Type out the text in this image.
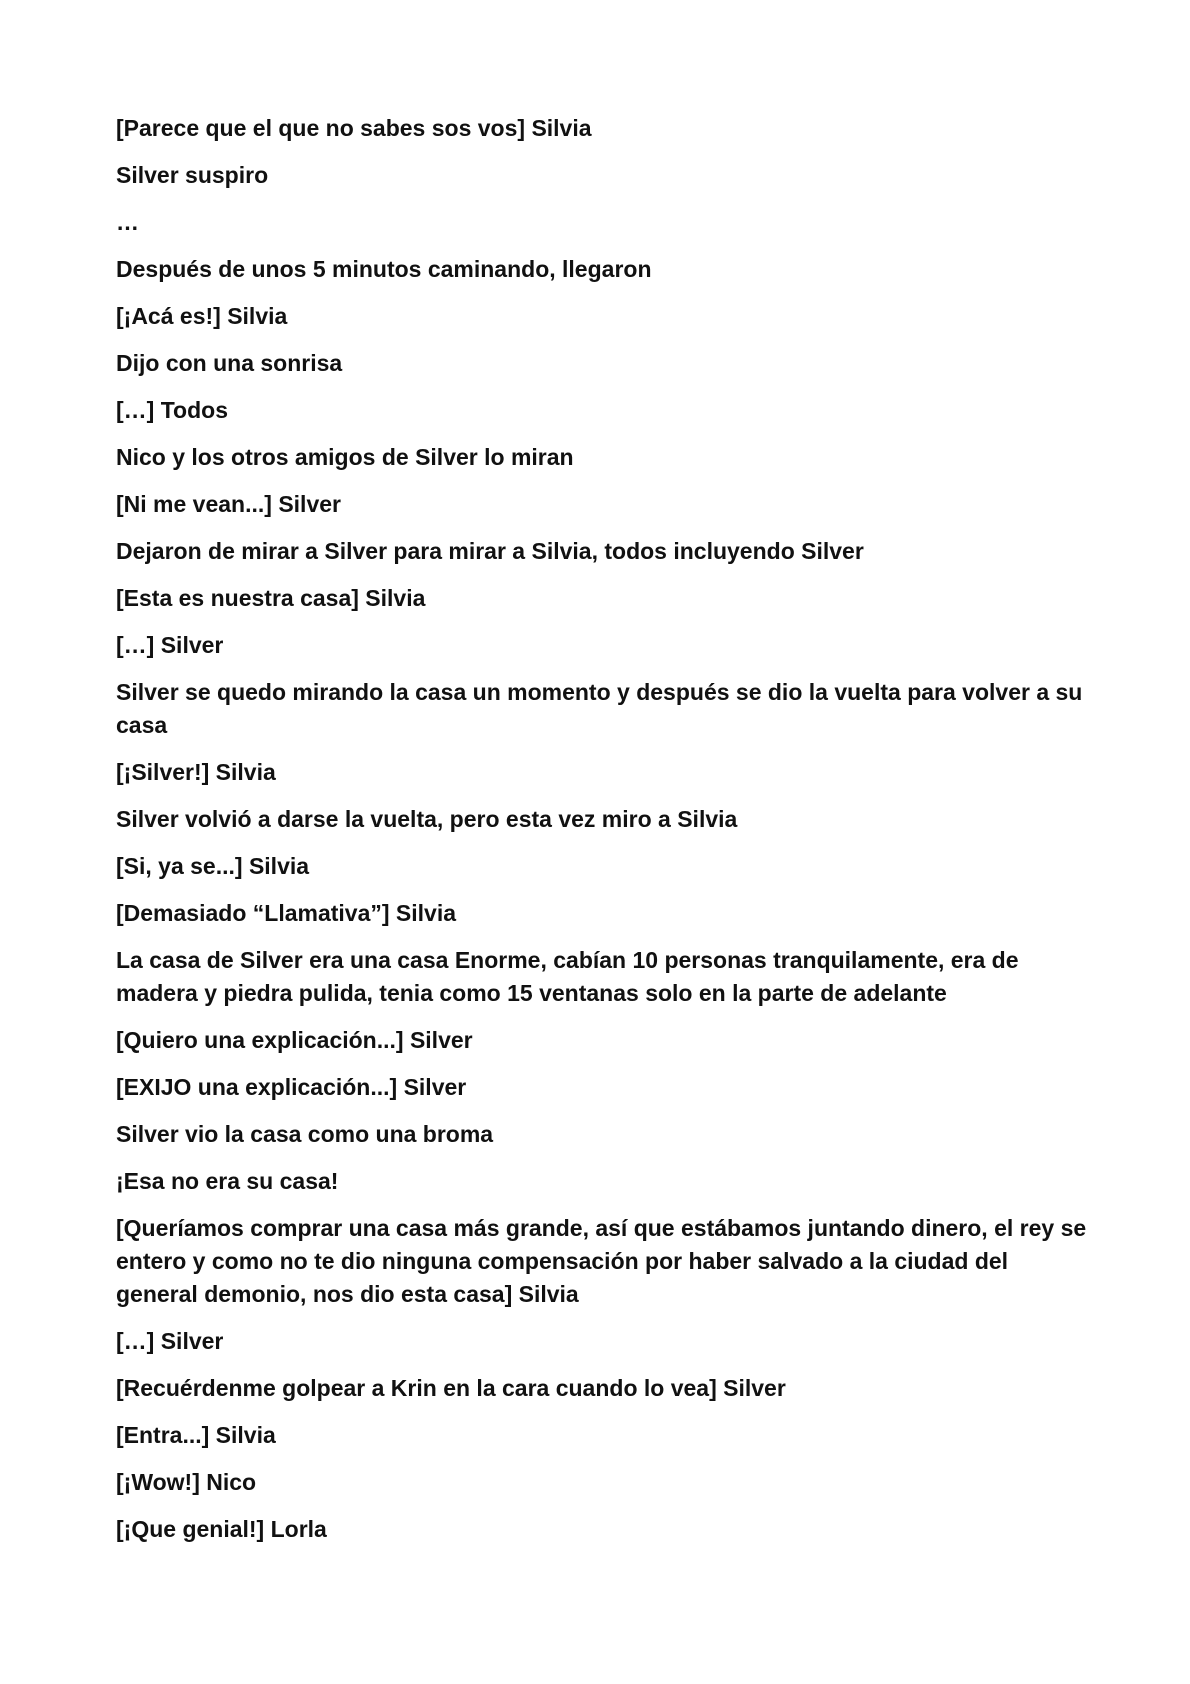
[Parece que el que no sabes sos vos] Silvia

Silver suspiro

…

Después de unos 5 minutos caminando, llegaron

[¡Acá es!] Silvia

Dijo con una sonrisa

[…] Todos

Nico y los otros amigos de Silver lo miran

[Ni me vean...] Silver

Dejaron de mirar a Silver para mirar a Silvia, todos incluyendo Silver

[Esta es nuestra casa] Silvia

[…] Silver

Silver se quedo mirando la casa un momento y después se dio la vuelta para volver a su casa

[¡Silver!] Silvia

Silver volvió a darse la vuelta, pero esta vez miro a Silvia

[Si, ya se...] Silvia

[Demasiado “Llamativa”] Silvia

La casa de Silver era una casa Enorme, cabían 10 personas tranquilamente, era de madera y piedra pulida, tenia como 15 ventanas solo en la parte de adelante

[Quiero una explicación...] Silver

[EXIJO una explicación...] Silver

Silver vio la casa como una broma

¡Esa no era su casa!

[Queríamos comprar una casa más grande, así que estábamos juntando dinero, el rey se entero y como no te dio ninguna compensación por haber salvado a la ciudad del general demonio, nos dio esta casa] Silvia

[…] Silver

[Recuérdenme golpear a Krin en la cara cuando lo vea] Silver

[Entra...] Silvia

[¡Wow!] Nico

[¡Que genial!] Lorla
